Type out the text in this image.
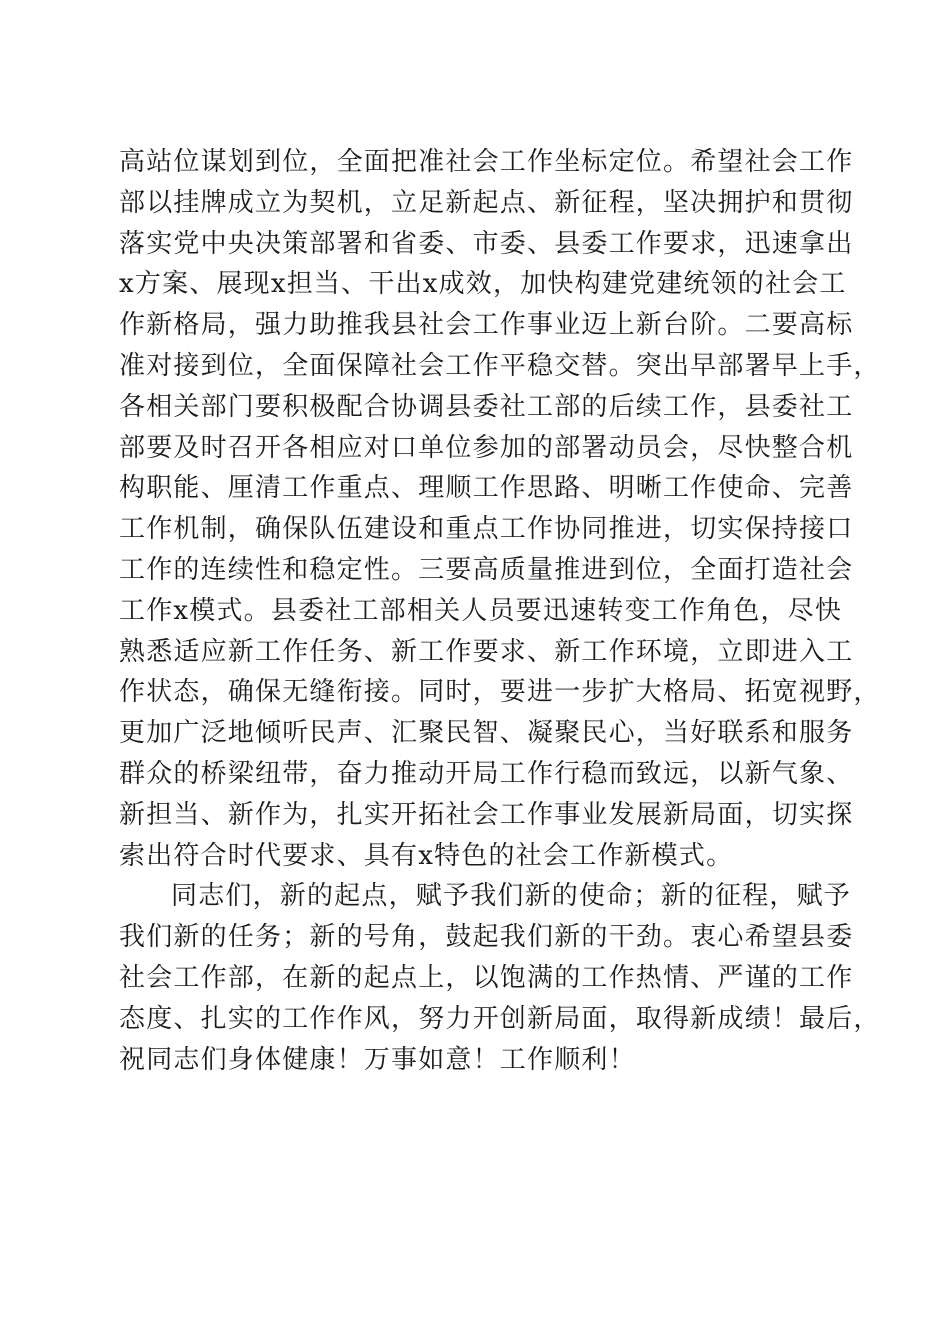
高站位谋划到位，全面把准社会工作坐标定位。希望社会工作
部以挂牌成立为契机，立足新起点、新征程，坚决拥护和贯彻
落实党中央决策部署和省委、市委、县委工作要求，迅速拿出
x方案、展现x担当、干出x成效，加快构建党建统领的社会工
作新格局，强力助推我县社会工作事业迈上新台阶。二要高标
准对接到位，全面保障社会工作平稳交替。突出早部署早上手，
各相关部门要积极配合协调县委社工部的后续工作，县委社工
部要及时召开各相应对口单位参加的部署动员会，尽快整合机
构职能、厘清工作重点、理顺工作思路、明晰工作使命、完善
工作机制，确保队伍建设和重点工作协同推进，切实保持接口
工作的连续性和稳定性。三要高质量推进到位，全面打造社会
工作x模式。县委社工部相关人员要迅速转变工作角色，尽快
熟悉适应新工作任务、新工作要求、新工作环境，立即进入工
作状态，确保无缝衔接。同时，要进一步扩大格局、拓宽视野，
更加广泛地倾听民声、汇聚民智、凝聚民心，当好联系和服务
群众的桥梁纽带，奋力推动开局工作行稳而致远，以新气象、
新担当、新作为，扎实开拓社会工作事业发展新局面，切实探
索出符合时代要求、具有x特色的社会工作新模式。
同志们，新的起点，赋予我们新的使命；新的征程，赋予
我们新的任务；新的号角，鼓起我们新的干劲。衷心希望县委
社会工作部，在新的起点上，以饱满的工作热情、严谨的工作
态度、扎实的工作作风，努力开创新局面，取得新成绩！最后，
祝同志们身体健康！万事如意！工作顺利！
